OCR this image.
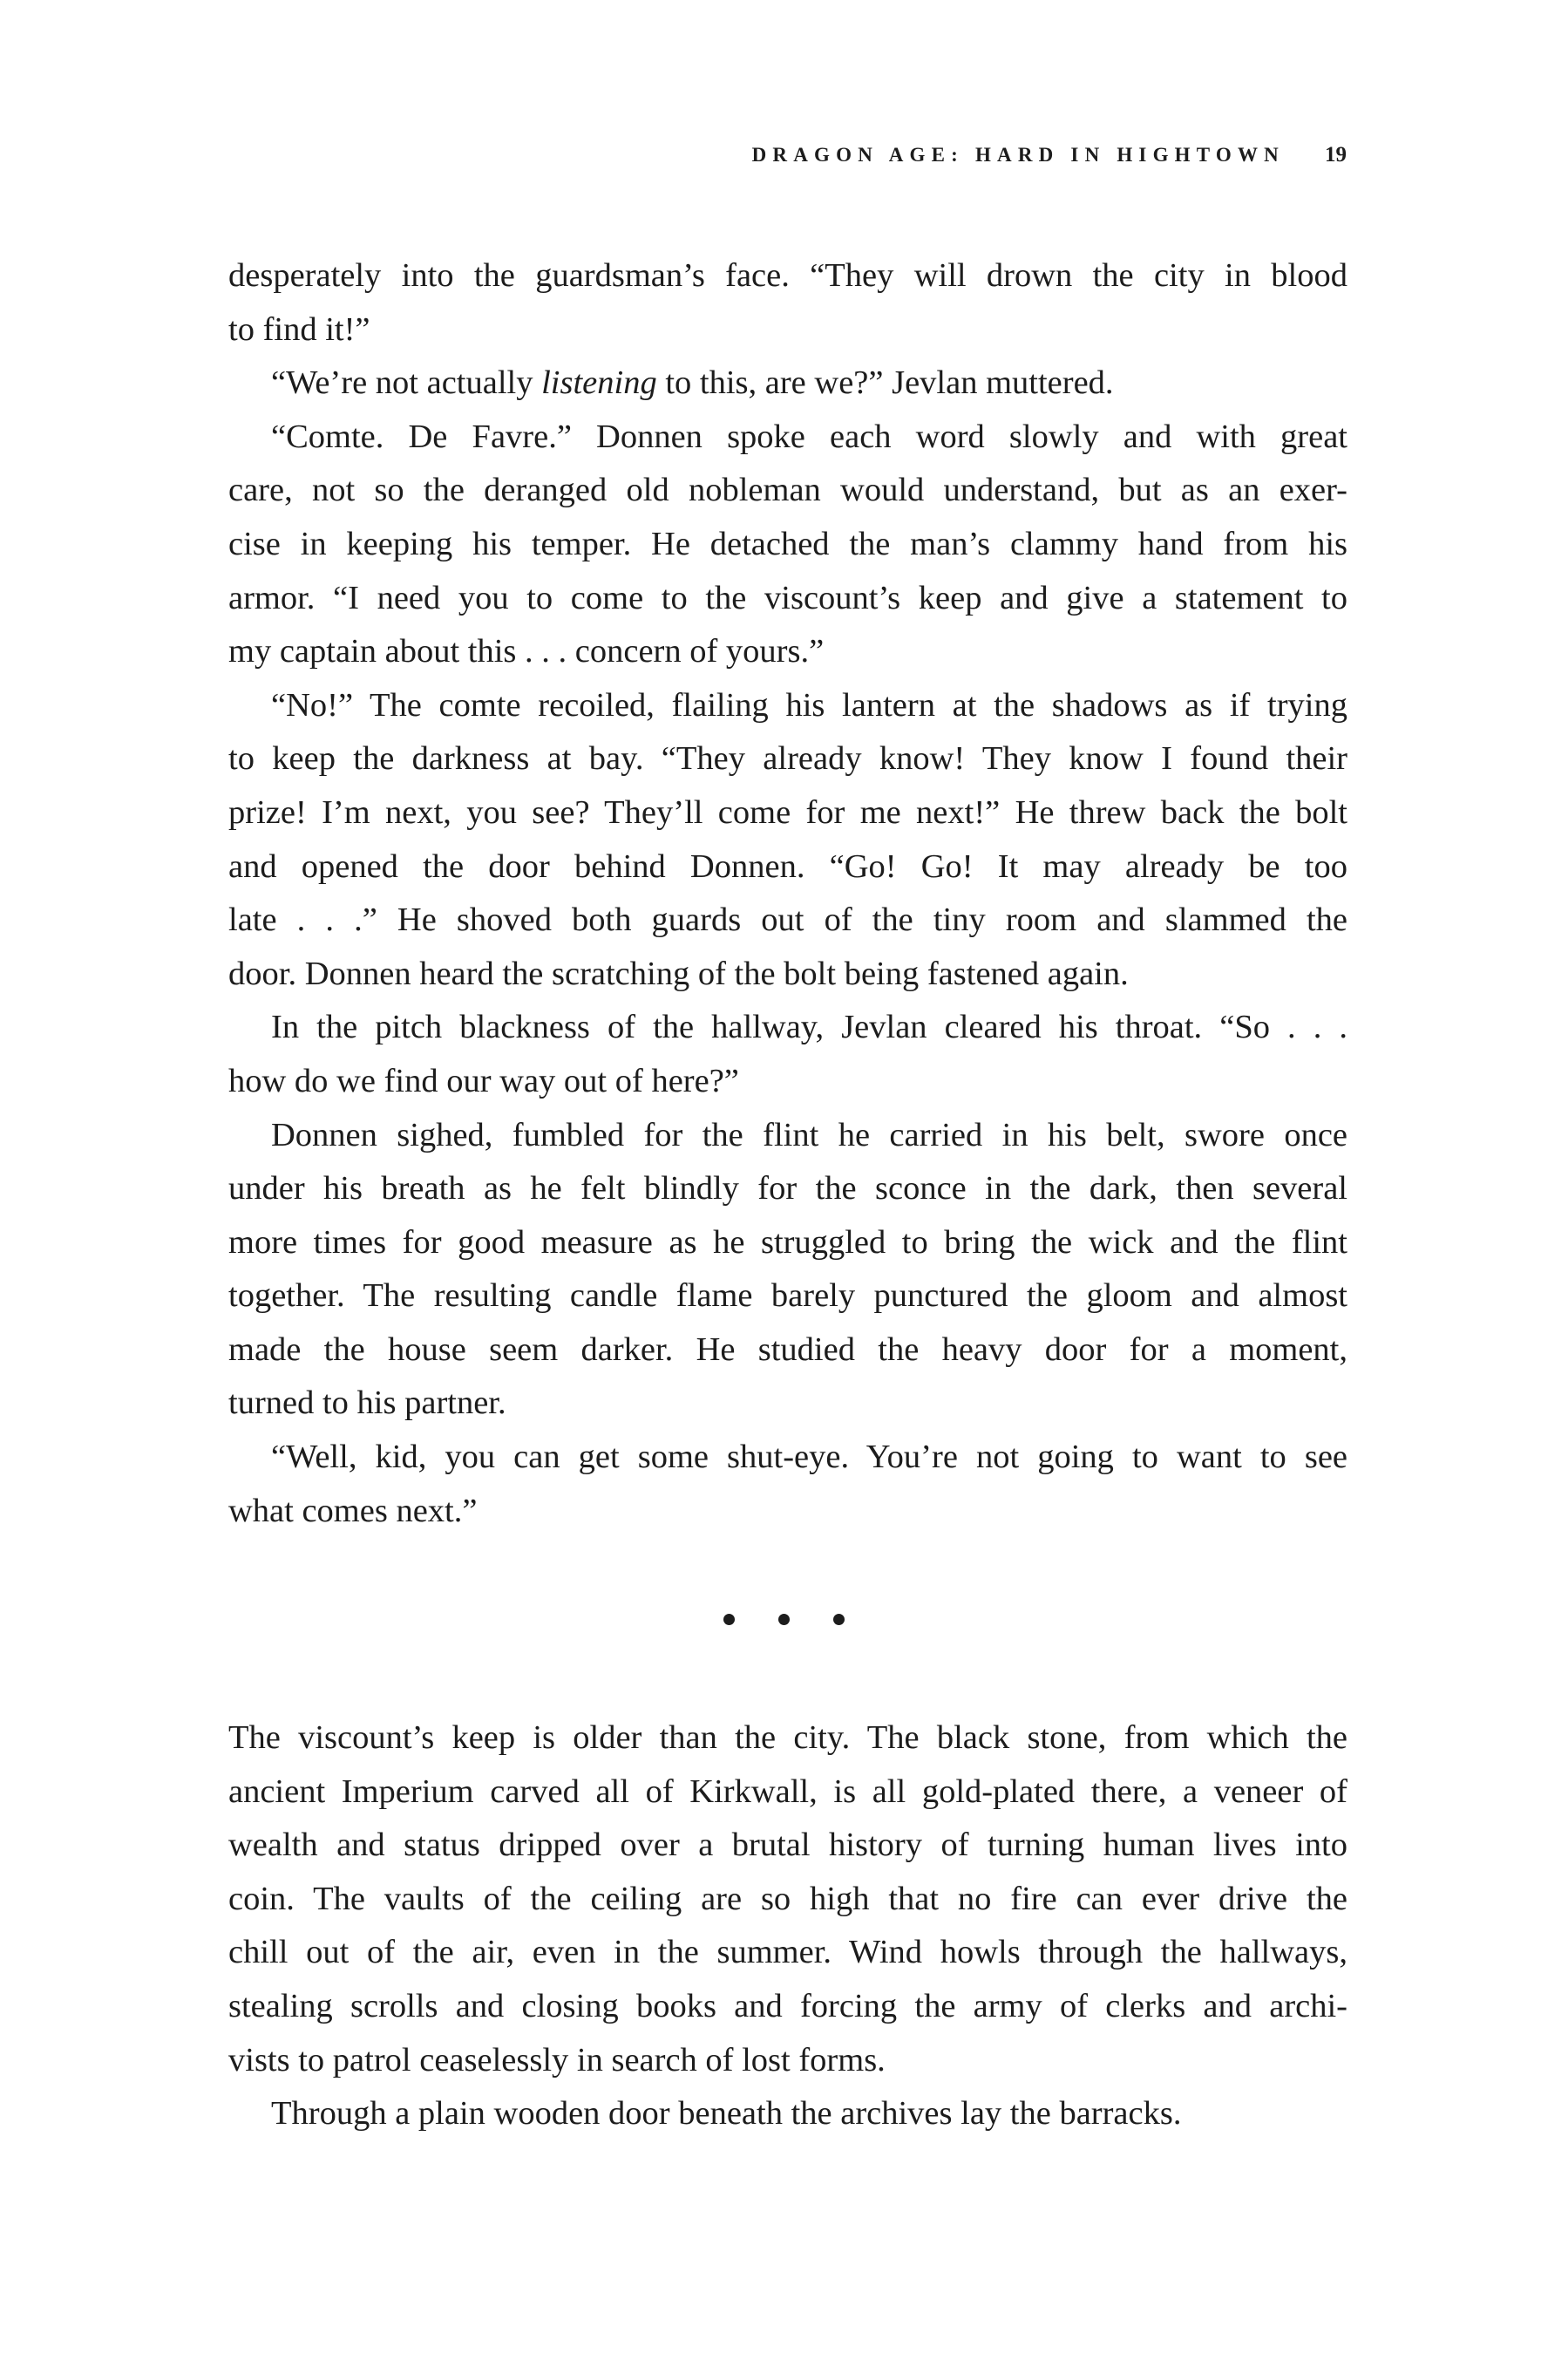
DRAGON AGE: HARD IN HIGHTOWN 19

desperately into the guardsman’s face. “They will drown the city in blood
to find it!”

“We’re not actually listening to this, are we?” Jevlan muttered.

“Comte. De Favre.” Donnen spoke each word slowly and with great
care, not so the deranged old nobleman would understand, but as an exer-
cise in keeping his temper. He detached the man’s clammy hand from his
armor. “I need you to come to the viscount’s keep and give a statement to
my captain about this . . . concern of yours.”

“No!” The comte recoiled, flailing his lantern at the shadows as if trying
to keep the darkness at bay. “They already know! They know I found their
prize! I’m next, you see? They’ll come for me next!” He threw back the bolt
and opened the door behind Donnen. “Go! Go! It may already be too
late . . .” He shoved both guards out of the tiny room and slammed the
door. Donnen heard the scratching of the bolt being fastened again.

In the pitch blackness of the hallway, Jevlan cleared his throat. “So . . .
how do we find our way out of here?”

Donnen sighed, fumbled for the flint he carried in his belt, swore once
under his breath as he felt blindly for the sconce in the dark, then several
more times for good measure as he struggled to bring the wick and the flint
together. The resulting candle flame barely punctured the gloom and almost
made the house seem darker. He studied the heavy door for a moment,
turned to his partner.

“Well, kid, you can get some shut-eye. You’re not going to want to see
what comes next.”

The viscount’s keep is older than the city. The black stone, from which the
ancient Imperium carved all of Kirkwall, is all gold-plated there, a veneer of
wealth and status dripped over a brutal history of turning human lives into
coin. The vaults of the ceiling are so high that no fire can ever drive the
chill out of the air, even in the summer. Wind howls through the hallways,
stealing scrolls and closing books and forcing the army of clerks and archi-
vists to patrol ceaselessly in search of lost forms.

Through a plain wooden door beneath the archives lay the barracks.
